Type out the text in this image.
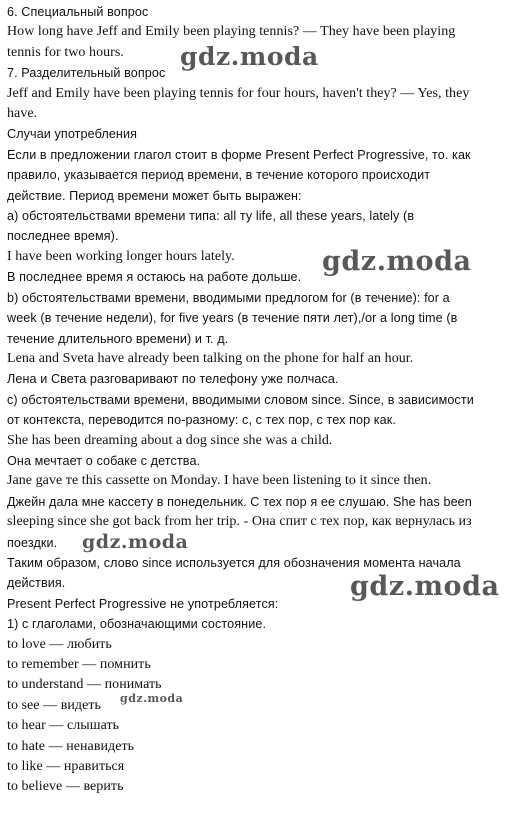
6. Специальный вопрос
How long have Jeff and Emily been playing tennis? — They have been playing
tennis for two hours.
7. Разделительный вопрос
Jeff and Emily have been playing tennis for four hours, haven't they? — Yes, they
have.
Случаи употребления
Если в предложении глагол стоит в форме Present Perfect Progressive, то. как
правило, указывается период времени, в течение которого происходит
действие. Период времени может быть выражен:
а) обстоятельствами времени типа: all ту life, all these years, lately (в
последнее время).
I have been working longer hours lately.
В последнее время я остаюсь на работе дольше.
b) обстоятельствами времени, вводимыми предлогом for (в течение): for a
week (в течение недели), for five years (в течение пяти лет),/or a long time (в
течение длительного времени) и т. д.
Lena and Sveta have already been talking on the phone for half an hour.
Лена и Света разговаривают по телефону уже полчаса.
с) обстоятельствами времени, вводимыми словом since. Since, в зависимости
от контекста, переводится по-разному: с, с тех пор, с тех пор как.
She has been dreaming about a dog since she was a child.
Она мечтает о собаке с детства.
Jane gave те this cassette on Monday. I have been listening to it since then.
Джейн дала мне кассету в понедельник. С тех пор я ее слушаю. She has been
sleeping since she got back from her trip. - Она спит с тех пор, как вернулась из
поездки.
Таким образом, слово since используется для обозначения момента начала
действия.
Present Perfect Progressive не употребляется:
1) с глаголами, обозначающими состояние.
to love — любить
to remember — помнить
to understand — понимать
to see — видеть
to hear — слышать
to hate — ненавидеть
to like — нравиться
to believe — верить
gdz.moda
gdz.moda
gdz.moda
gdz.moda
gdz.moda
